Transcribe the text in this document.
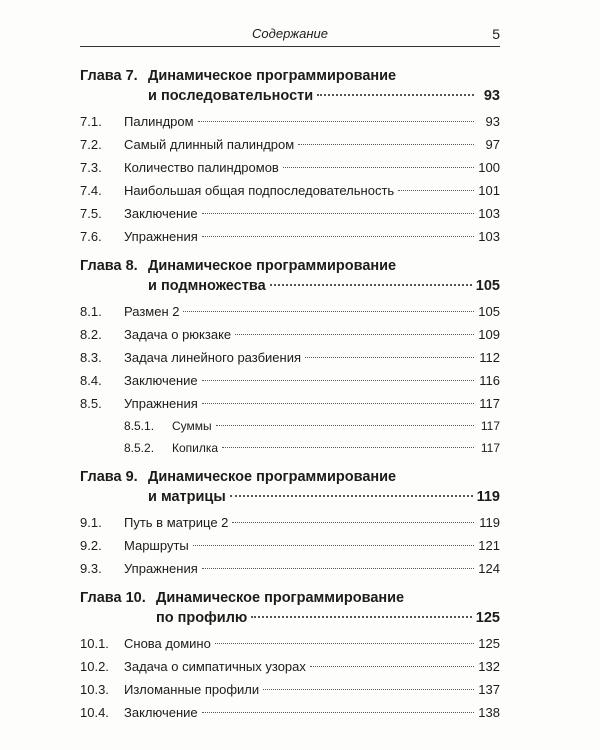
Содержание	5
Глава 7. Динамическое программирование
и последовательности	93
7.1.	Палиндром	93
7.2.	Самый длинный палиндром	97
7.3.	Количество палиндромов	100
7.4.	Наибольшая общая подпоследовательность	101
7.5.	Заключение	103
7.6.	Упражнения	103
Глава 8. Динамическое программирование
и подмножества	105
8.1.	Размен 2	105
8.2.	Задача о рюкзаке	109
8.3.	Задача линейного разбиения	112
8.4.	Заключение	116
8.5.	Упражнения	117
8.5.1.	Суммы	117
8.5.2.	Копилка	117
Глава 9. Динамическое программирование
и матрицы	119
9.1.	Путь в матрице 2	119
9.2.	Маршруты	121
9.3.	Упражнения	124
Глава 10. Динамическое программирование
по профилю	125
10.1.	Снова домино	125
10.2.	Задача о симпатичных узорах	132
10.3.	Изломанные профили	137
10.4.	Заключение	138
